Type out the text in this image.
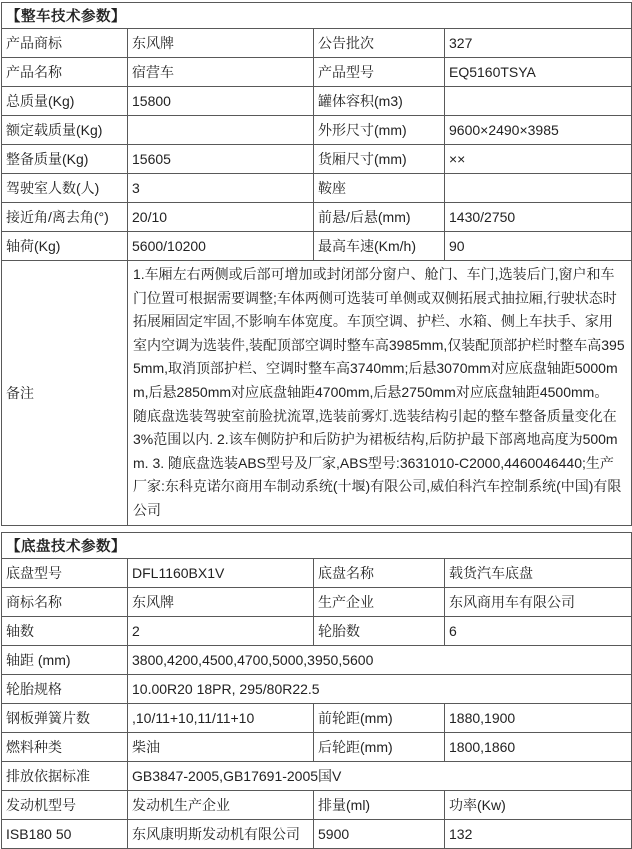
【整车技术参数】			
产品商标	东风牌	公告批次	327
产品名称	宿营车	产品型号	EQ5160TSYA
总质量(Kg)	15800	罐体容积(m3)	
额定载质量(Kg)		外形尺寸(mm)	9600×2490×3985
整备质量(Kg)	15605	货厢尺寸(mm)	××
驾驶室人数(人)	3	鞍座	
接近角/离去角(°)	20/10	前悬/后悬(mm)	1430/2750
轴荷(Kg)	5600/10200	最高车速(Km/h)	90
备注	1.车厢左右两侧或后部可增加或封闭部分窗户、舱门、车门,选装后门,窗户和车门位置可根据需要调整;车体两侧可选装可单侧或双侧拓展式抽拉厢,行驶状态时拓展厢固定牢固,不影响车体宽度。车顶空调、护栏、水箱、侧上车扶手、家用室内空调为选装件,装配顶部空调时整车高3985mm,仅装配顶部护栏时整车高3955mm,取消顶部护栏、空调时整车高3740mm;后悬3070mm对应底盘轴距5000mm,后悬2850mm对应底盘轴距4700mm,后悬2750mm对应底盘轴距4500mm。 随底盘选装驾驶室前脸扰流罩,选装前雾灯.选装结构引起的整车整备质量变化在3%范围以内. 2.该车侧防护和后防护为裙板结构,后防护最下部离地高度为500mm. 3. 随底盘选装ABS型号及厂家,ABS型号:3631010-C2000,4460046440;生产厂家:东科克诺尔商用车制动系统(十堰)有限公司,威伯科汽车控制系统(中国)有限公司		
【底盘技术参数】			
底盘型号	DFL1160BX1V	底盘名称	载货汽车底盘
商标名称	东风牌	生产企业	东风商用车有限公司
轴数	2	轮胎数	6
轴距 (mm)	3800,4200,4500,4700,5000,3950,5600		
轮胎规格	10.00R20 18PR, 295/80R22.5		
钢板弹簧片数	,10/11+10,11/11+10	前轮距(mm)	1880,1900
燃料种类	柴油	后轮距(mm)	1800,1860
排放依据标准	GB3847-2005,GB17691-2005国V		
发动机型号	发动机生产企业	排量(ml)	功率(Kw)
ISB180 50	东风康明斯发动机有限公司	5900	132
